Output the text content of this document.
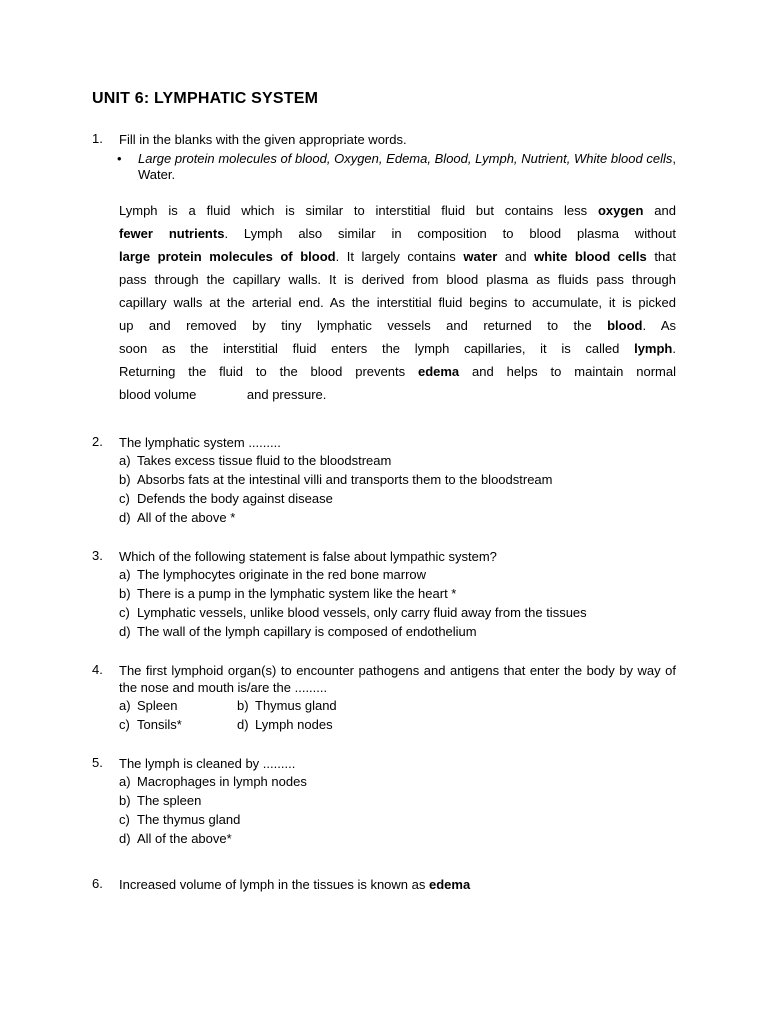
UNIT 6: LYMPHATIC SYSTEM
1. Fill in the blanks with the given appropriate words.
• Large protein molecules of blood, Oxygen, Edema, Blood, Lymph, Nutrient, White blood cells, Water.
Lymph is a fluid which is similar to interstitial fluid but contains less oxygen and
fewer nutrients. Lymph also similar in composition to blood plasma without
large protein molecules of blood. It largely contains water and white blood cells that
pass through the capillary walls. It is derived from blood plasma as fluids pass through
capillary walls at the arterial end. As the interstitial fluid begins to accumulate, it is picked
up and removed by tiny lymphatic vessels and returned to the blood. As
soon as the interstitial fluid enters the lymph capillaries, it is called lymph.
Returning the fluid to the blood prevents edema and helps to maintain normal
blood volume              and pressure.
2. The lymphatic system .........
a) Takes excess tissue fluid to the bloodstream
b) Absorbs fats at the intestinal villi and transports them to the bloodstream
c) Defends the body against disease
d) All of the above *
3. Which of the following statement is false about lympathic system?
a) The lymphocytes originate in the red bone marrow
b) There is a pump in the lymphatic system like the heart *
c) Lymphatic vessels, unlike blood vessels, only carry fluid away from the tissues
d) The wall of the lymph capillary is composed of endothelium
4. The first lymphoid organ(s) to encounter pathogens and antigens that enter the body by way of the nose and mouth is/are the .........
a) Spleen	b) Thymus gland
c) Tonsils*	d) Lymph nodes
5. The lymph is cleaned by .........
a) Macrophages in lymph nodes
b) The spleen
c) The thymus gland
d) All of the above*
6. Increased volume of lymph in the tissues is known as edema
